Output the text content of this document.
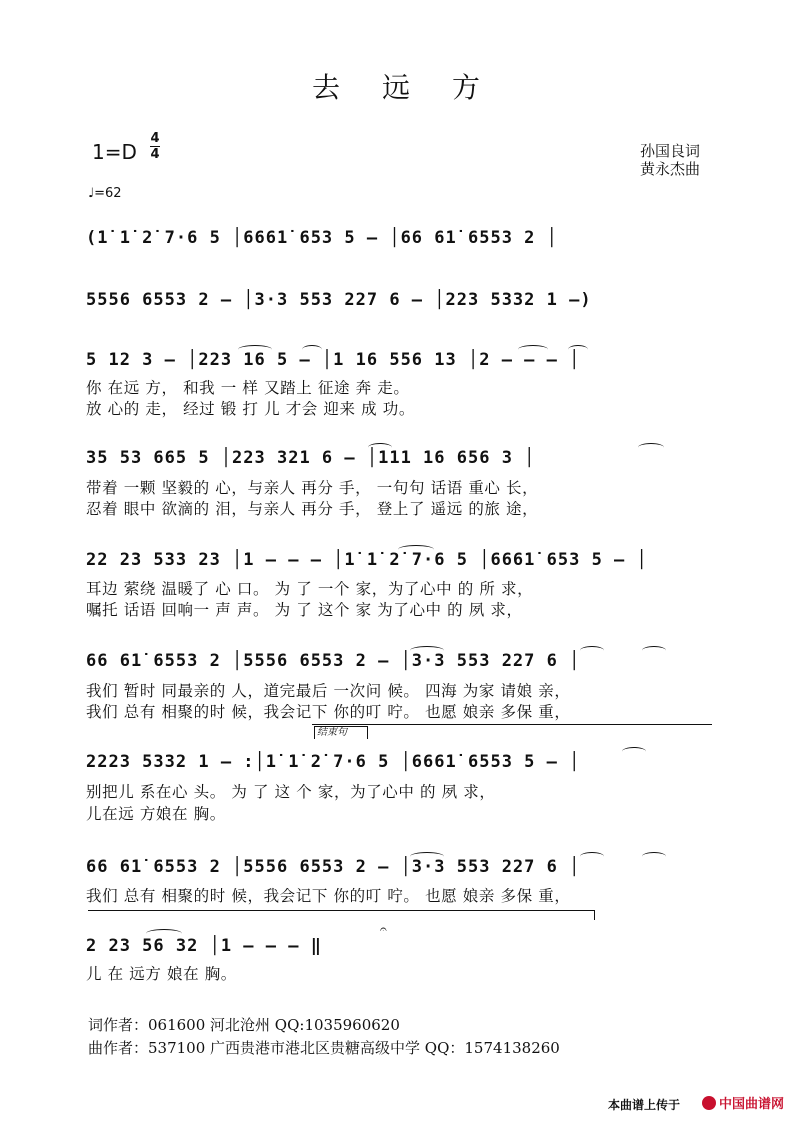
去远方
1=D
4
4
♩=62
孙国良词
黄永杰曲
(1̇ 1̇ 2̇ 7·6 5 │6661̇ 653 5 – │66 61̇ 6553 2 │
5556 6553 2 – │3·3 553 227 6 – │223 5332 1 –)
5 12 3 – │223 16 5 – │1 16 556 13 │2 – – – │
你 在远 方， 和我 一 样 又踏上 征途 奔 走。
放 心的 走， 经过 锻 打 儿 才会 迎来 成 功。
35 53 665 5 │223 321 6 – │111 16 656 3 │
带着 一颗 坚毅的 心，与亲人 再分 手， 一句句 话语 重心 长，
忍着 眼中 欲滴的 泪，与亲人 再分 手， 登上了 遥远 的旅 途，
22 23 533 23 │1 – – – │1̇ 1̇ 2̇ 7·6 5 │6661̇ 653 5 – │
耳边 萦绕 温暖了 心 口。 为 了 一个 家，为了心中 的 所 求，
嘱托 话语 回响一 声 声。 为 了 这个 家 为了心中 的 夙 求，
66 61̇ 6553 2 │5556 6553 2 – │3·3 553 227 6 │
我们 暂时 同最亲的 人，道完最后 一次问 候。 四海 为家 请娘 亲，
我们 总有 相聚的时 候，我会记下 你的叮 咛。 也愿 娘亲 多保 重，
结束句
2223 5332 1 – :│1̇ 1̇ 2̇ 7·6 5 │6661̇ 6553 5 – │
别把儿 系在心 头。 为 了 这 个 家，为了心中 的 夙 求，
儿在远 方娘在 胸。
66 61̇ 6553 2 │5556 6553 2 – │3·3 553 227 6 │
我们 总有 相聚的时 候，我会记下 你的叮 咛。 也愿 娘亲 多保 重，
2 23 56 32 │1 – – – ‖
𝄐
儿 在 远方 娘在 胸。
词作者：061600 河北沧州 QQ:1035960620
曲作者：537100 广西贵港市港北区贵糖高级中学 QQ：1574138260
本曲谱上传于	中国曲谱网
